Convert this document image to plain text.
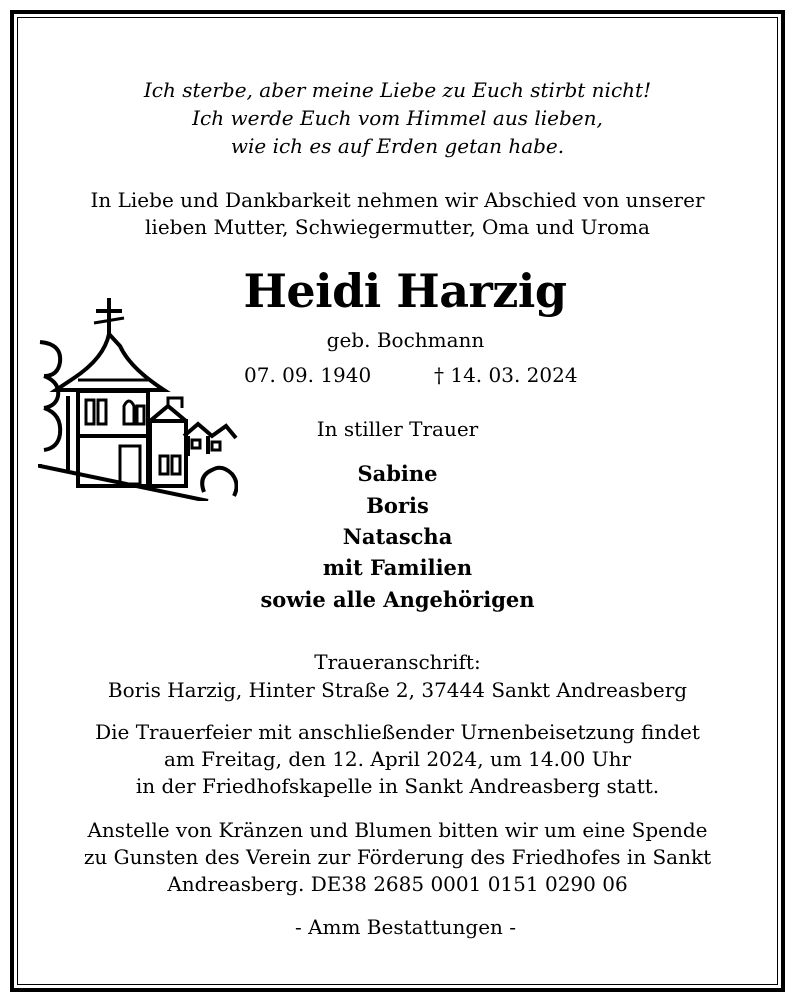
Ich sterbe, aber meine Liebe zu Euch stirbt nicht!
Ich werde Euch vom Himmel aus lieben,
wie ich es auf Erden getan habe.
In Liebe und Dankbarkeit nehmen wir Abschied von unserer
lieben Mutter, Schwiegermutter, Oma und Uroma
Heidi Harzig
geb. Bochmann
07. 09. 1940	† 14. 03. 2024
In stiller Trauer
Sabine
Boris
Natascha
mit Familien
sowie alle Angehörigen
Traueranschrift:
Boris Harzig, Hinter Straße 2, 37444 Sankt Andreasberg
Die Trauerfeier mit anschließender Urnenbeisetzung findet
am Freitag, den 12. April 2024, um 14.00 Uhr
in der Friedhofskapelle in Sankt Andreasberg statt.
Anstelle von Kränzen und Blumen bitten wir um eine Spende
zu Gunsten des Verein zur Förderung des Friedhofes in Sankt
Andreasberg. DE38 2685 0001 0151 0290 06
- Amm Bestattungen -
